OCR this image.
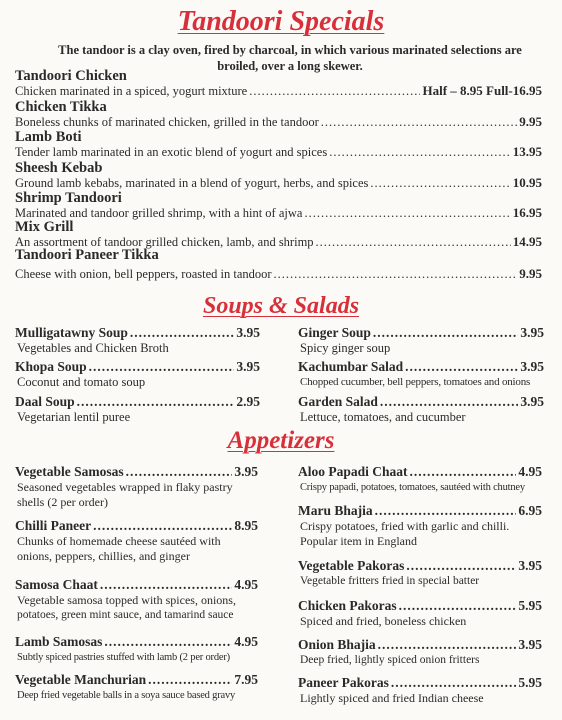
Tandoori Specials
The tandoor is a clay oven, fired by charcoal, in which various marinated selections are broiled, over a long skewer.
Tandoori Chicken
Chicken marinated in a spiced, yogurt mixture .....	Half – 8.95 Full-16.95
Chicken Tikka
Boneless chunks of marinated chicken, grilled in the tandoor .....	9.95
Lamb Boti
Tender lamb marinated in an exotic blend of yogurt and spices .....	13.95
Sheesh Kebab
Ground lamb kebabs, marinated in a blend of yogurt, herbs, and spices .....	10.95
Shrimp Tandoori
Marinated and tandoor grilled shrimp, with a hint of ajwa .....	16.95
Mix Grill
An assortment of tandoor grilled chicken, lamb, and shrimp .....	14.95
Tandoori Paneer Tikka
Cheese with onion, bell peppers, roasted in tandoor .....	9.95
Soups & Salads
Mulligatawny Soup .....	3.95
Vegetables and Chicken Broth
Khopa Soup .....	3.95
Coconut and tomato soup
Daal Soup .....	2.95
Vegetarian lentil puree
Ginger Soup .....	3.95
Spicy ginger soup
Kachumbar Salad .....	3.95
Chopped cucumber, bell peppers, tomatoes and onions
Garden Salad .....	3.95
Lettuce, tomatoes, and cucumber
Appetizers
Vegetable Samosas .....	3.95
Seasoned vegetables wrapped in flaky pastry
shells (2 per order)
Chilli Paneer .....	8.95
Chunks of homemade cheese sautéed with
onions, peppers, chillies, and ginger
Samosa Chaat .....	4.95
Vegetable samosa topped with spices, onions,
potatoes, green mint sauce, and tamarind sauce
Lamb Samosas .....	4.95
Subtly spiced pastries stuffed with lamb (2 per order)
Vegetable Manchurian .....	7.95
Deep fried vegetable balls in a soya sauce based gravy
Aloo Papadi Chaat .....	4.95
Crispy papadi, potatoes, tomatoes, sautéed with chutney
Maru Bhajia .....	6.95
Crispy potatoes, fried with garlic and chilli.
Popular item in England
Vegetable Pakoras .....	3.95
Vegetable fritters fried in special batter
Chicken Pakoras .....	5.95
Spiced and fried, boneless chicken
Onion Bhajia .....	3.95
Deep fried, lightly spiced onion fritters
Paneer Pakoras .....	5.95
Lightly spiced and fried Indian cheese
